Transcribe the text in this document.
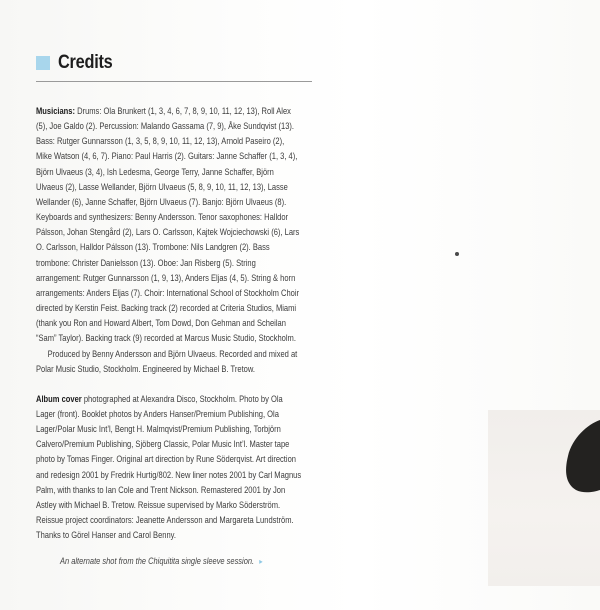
Credits

Musicians: Drums: Ola Brunkert (1, 3, 4, 6, 7, 8, 9, 10, 11, 12, 13), Roll Alex (5), Joe Galdo (2). Percussion: Malando Gassama (7, 9), Åke Sundqvist (13). Bass: Rutger Gunnarsson (1, 3, 5, 8, 9, 10, 11, 12, 13), Arnold Paseiro (2), Mike Watson (4, 6, 7). Piano: Paul Harris (2). Guitars: Janne Schaffer (1, 3, 4), Björn Ulvaeus (3, 4), Ish Ledesma, George Terry, Janne Schaffer, Björn Ulvaeus (2), Lasse Wellander, Björn Ulvaeus (5, 8, 9, 10, 11, 12, 13), Lasse Wellander (6), Janne Schaffer, Björn Ulvaeus (7). Banjo: Björn Ulvaeus (8). Keyboards and synthesizers: Benny Andersson. Tenor saxophones: Halldor Pálsson, Johan Stengård (2), Lars O. Carlsson, Kajtek Wojciechowski (6), Lars O. Carlsson, Halldor Pálsson (13). Trombone: Nils Landgren (2). Bass trombone: Christer Danielsson (13). Oboe: Jan Risberg (5). String arrangement: Rutger Gunnarsson (1, 9, 13), Anders Eljas (4, 5). String & horn arrangements: Anders Eljas (7). Choir: International School of Stockholm Choir directed by Kerstin Feist. Backing track (2) recorded at Criteria Studios, Miami (thank you Ron and Howard Albert, Tom Dowd, Don Gehman and Scheilan “Sam” Taylor). Backing track (9) recorded at Marcus Music Studio, Stockholm.

Produced by Benny Andersson and Björn Ulvaeus. Recorded and mixed at Polar Music Studio, Stockholm. Engineered by Michael B. Tretow.

Album cover photographed at Alexandra Disco, Stockholm. Photo by Ola Lager (front). Booklet photos by Anders Hanser/Premium Publishing, Ola Lager/Polar Music Int’l, Bengt H. Malmqvist/Premium Publishing, Torbjörn Calvero/Premium Publishing, Sjöberg Classic, Polar Music Int’l. Master tape photo by Tomas Finger. Original art direction by Rune Söderqvist. Art direction and redesign 2001 by Fredrik Hurtig/802. New liner notes 2001 by Carl Magnus Palm, with thanks to Ian Cole and Trent Nickson. Remastered 2001 by Jon Astley with Michael B. Tretow. Reissue supervised by Marko Söderström. Reissue project coordinators: Jeanette Andersson and Margareta Lundström. Thanks to Görel Hanser and Carol Benny.

An alternate shot from the Chiquitita single sleeve session. ▸
